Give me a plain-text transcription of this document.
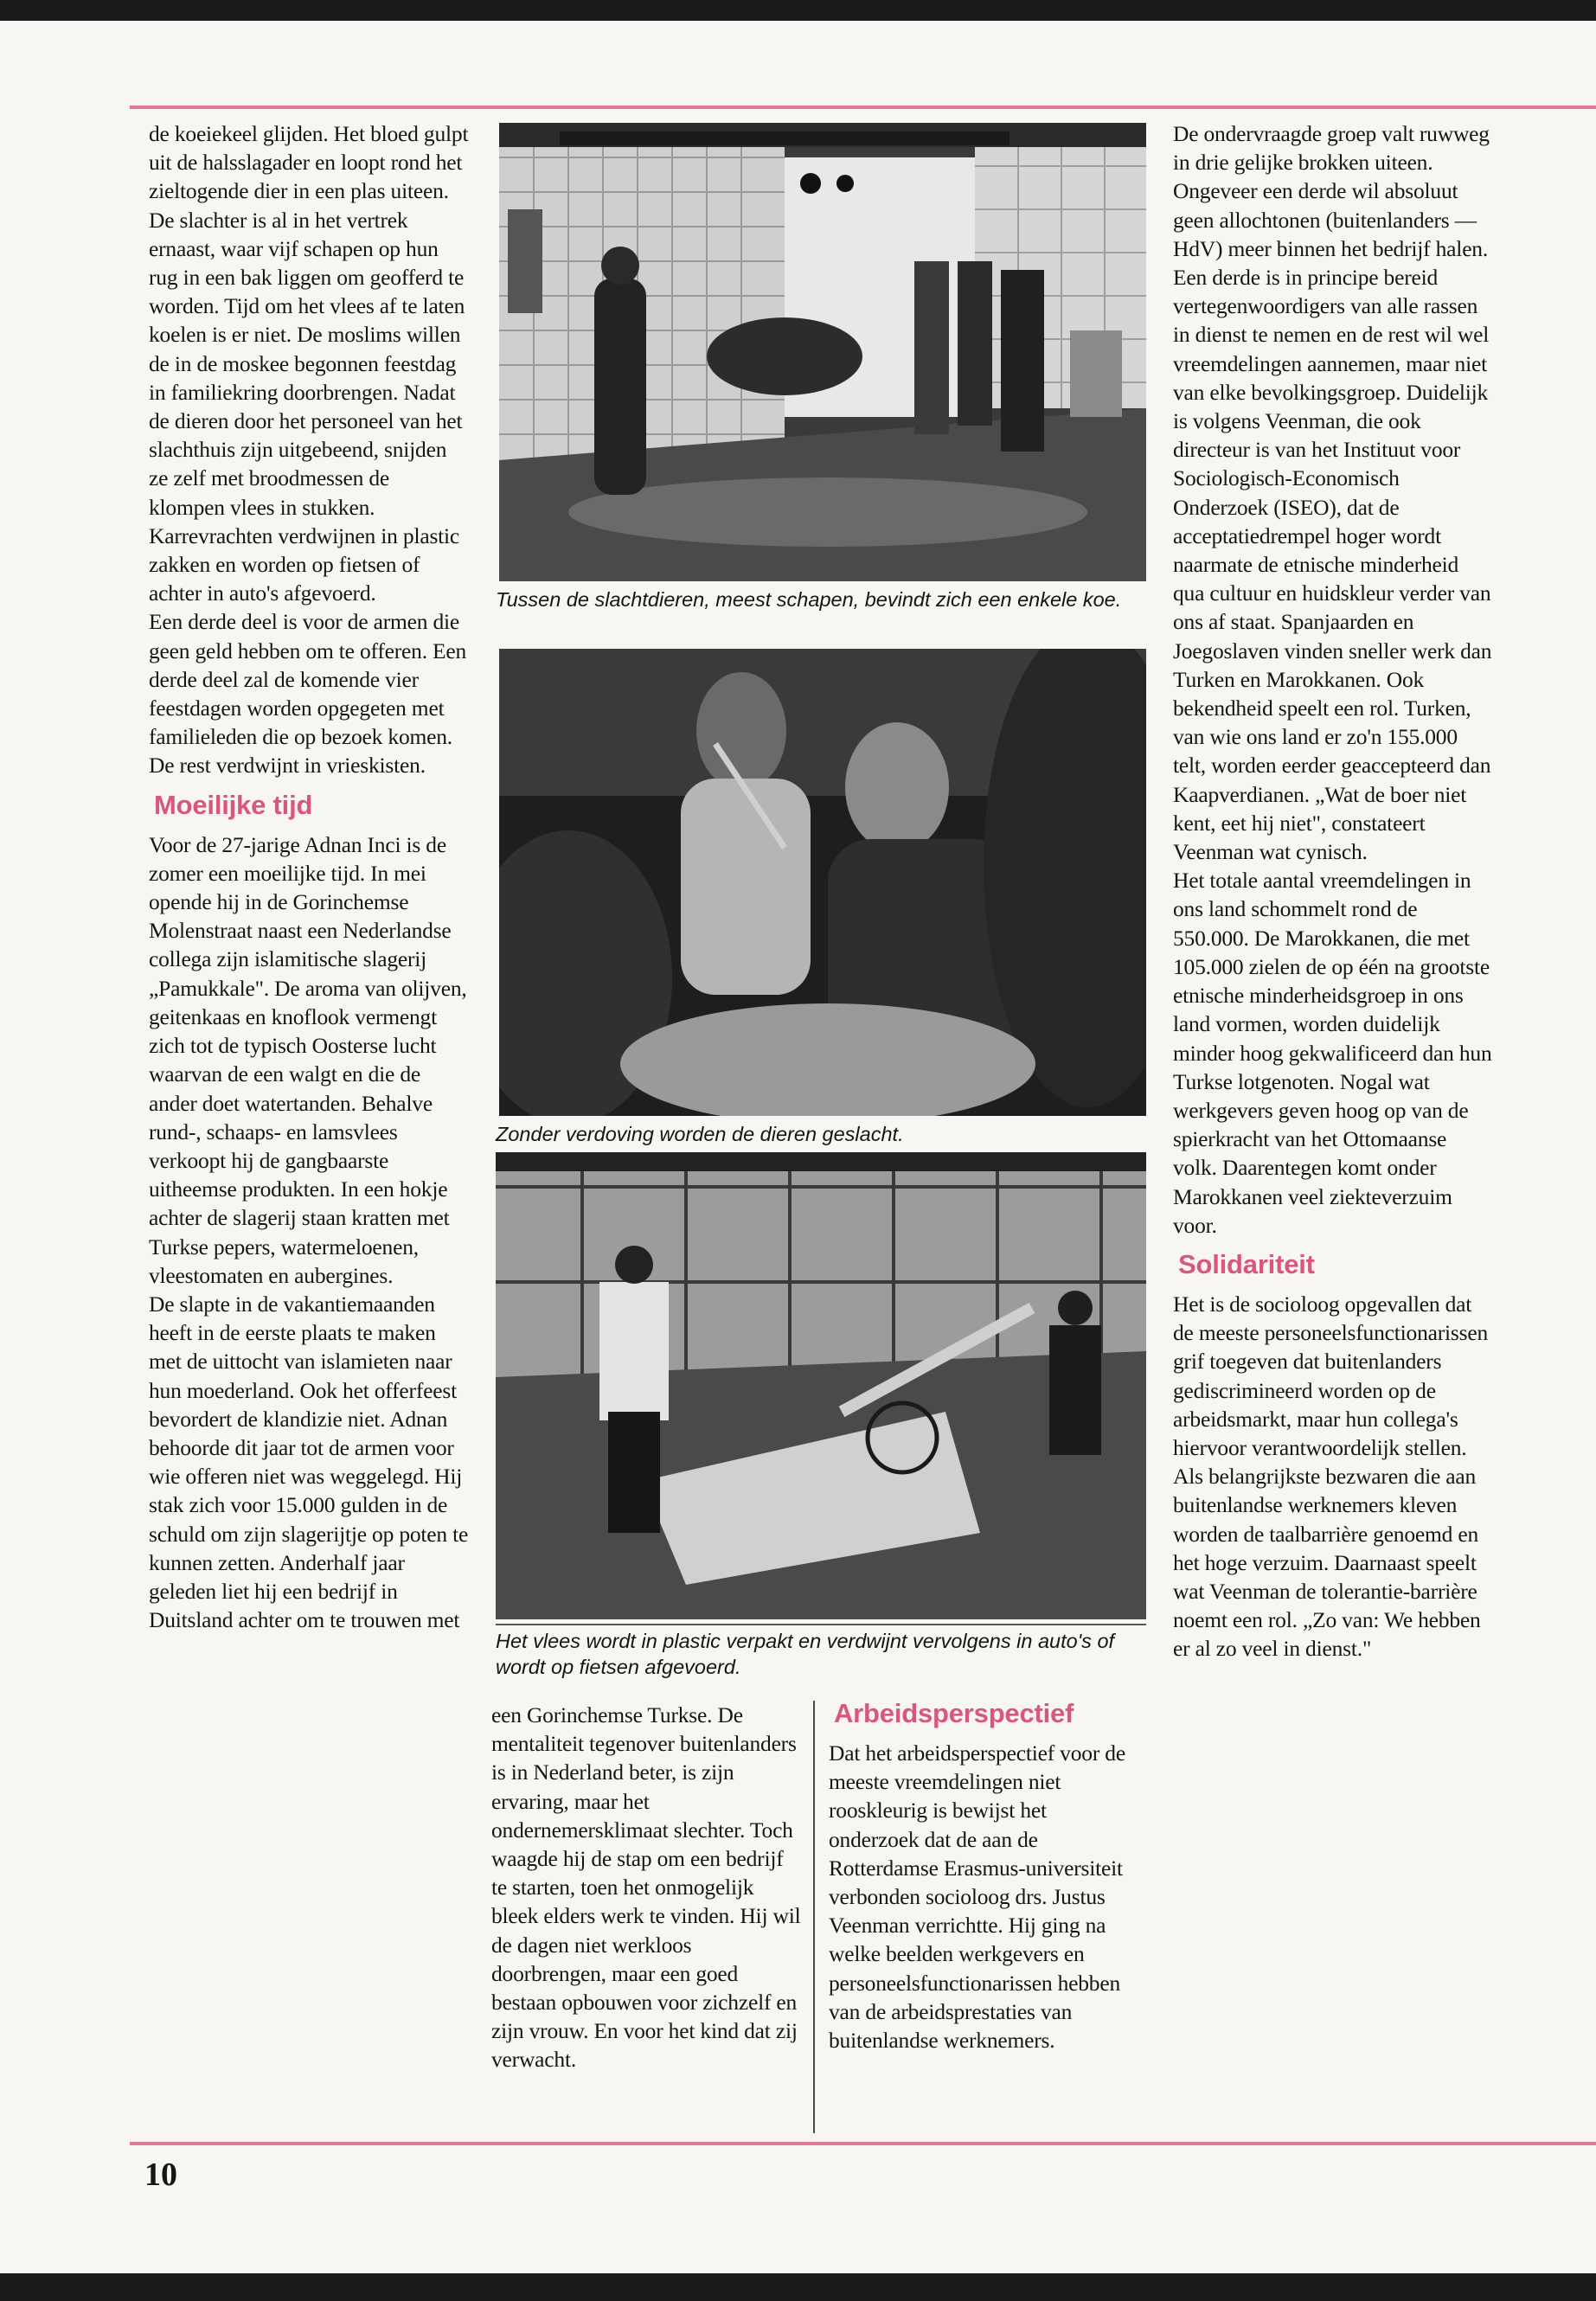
de koeiekeel glijden. Het bloed gulpt uit de halsslagader en loopt rond het zieltogende dier in een plas uiteen.

De slachter is al in het vertrek ernaast, waar vijf schapen op hun rug in een bak liggen om geofferd te worden. Tijd om het vlees af te laten koelen is er niet. De moslims willen de in de moskee begonnen feestdag in familiekring doorbrengen. Nadat de dieren door het personeel van het slachthuis zijn uitgebeend, snijden ze zelf met broodmessen de klompen vlees in stukken. Karrevrachten verdwijnen in plastic zakken en worden op fietsen of achter in auto's afgevoerd.

Een derde deel is voor de armen die geen geld hebben om te offeren. Een derde deel zal de komende vier feestdagen worden opgegeten met familieleden die op bezoek komen. De rest verdwijnt in vrieskisten.

Moeilijke tijd

Voor de 27-jarige Adnan Inci is de zomer een moeilijke tijd. In mei opende hij in de Gorinchemse Molenstraat naast een Nederlandse collega zijn islamitische slagerij „Pamukkale". De aroma van olijven, geitenkaas en knoflook vermengt zich tot de typisch Oosterse lucht waarvan de een walgt en die de ander doet watertanden. Behalve rund-, schaaps- en lamsvlees verkoopt hij de gangbaarste uitheemse produkten. In een hokje achter de slagerij staan kratten met Turkse pepers, watermeloenen, vleestomaten en aubergines.

De slapte in de vakantiemaanden heeft in de eerste plaats te maken met de uittocht van islamieten naar hun moederland. Ook het offerfeest bevordert de klandizie niet. Adnan behoorde dit jaar tot de armen voor wie offeren niet was weggelegd. Hij stak zich voor 15.000 gulden in de schuld om zijn slagerijtje op poten te kunnen zetten. Anderhalf jaar geleden liet hij een bedrijf in Duitsland achter om te trouwen met

Tussen de slachtdieren, meest schapen, bevindt zich een enkele koe.
Zonder verdoving worden de dieren geslacht.
Het vlees wordt in plastic verpakt en verdwijnt vervolgens in auto's of wordt op fietsen afgevoerd.

een Gorinchemse Turkse. De mentaliteit tegenover buitenlanders is in Nederland beter, is zijn ervaring, maar het ondernemersklimaat slechter. Toch waagde hij de stap om een bedrijf te starten, toen het onmogelijk bleek elders werk te vinden. Hij wil de dagen niet werkloos doorbrengen, maar een goed bestaan opbouwen voor zichzelf en zijn vrouw. En voor het kind dat zij verwacht.

Arbeidsperspectief

Dat het arbeidsperspectief voor de meeste vreemdelingen niet rooskleurig is bewijst het onderzoek dat de aan de Rotterdamse Erasmus-universiteit verbonden socioloog drs. Justus Veenman verrichtte. Hij ging na welke beelden werkgevers en personeelsfunctionarissen hebben van de arbeidsprestaties van buitenlandse werknemers.

De ondervraagde groep valt ruwweg in drie gelijke brokken uiteen. Ongeveer een derde wil absoluut geen allochtonen (buitenlanders — HdV) meer binnen het bedrijf halen. Een derde is in principe bereid vertegenwoordigers van alle rassen in dienst te nemen en de rest wil wel vreemdelingen aannemen, maar niet van elke bevolkingsgroep. Duidelijk is volgens Veenman, die ook directeur is van het Instituut voor Sociologisch-Economisch Onderzoek (ISEO), dat de acceptatiedrempel hoger wordt naarmate de etnische minderheid qua cultuur en huidskleur verder van ons af staat. Spanjaarden en Joegoslaven vinden sneller werk dan Turken en Marokkanen. Ook bekendheid speelt een rol. Turken, van wie ons land er zo'n 155.000 telt, worden eerder geaccepteerd dan Kaapverdianen. „Wat de boer niet kent, eet hij niet", constateert Veenman wat cynisch.

Het totale aantal vreemdelingen in ons land schommelt rond de 550.000. De Marokkanen, die met 105.000 zielen de op één na grootste etnische minderheidsgroep in ons land vormen, worden duidelijk minder hoog gekwalificeerd dan hun Turkse lotgenoten. Nogal wat werkgevers geven hoog op van de spierkracht van het Ottomaanse volk. Daarentegen komt onder Marokkanen veel ziekteverzuim voor.

Solidariteit

Het is de socioloog opgevallen dat de meeste personeelsfunctionarissen grif toegeven dat buitenlanders gediscrimineerd worden op de arbeidsmarkt, maar hun collega's hiervoor verantwoordelijk stellen. Als belangrijkste bezwaren die aan buitenlandse werknemers kleven worden de taalbarrière genoemd en het hoge verzuim. Daarnaast speelt wat Veenman de tolerantie-barrière noemt een rol. „Zo van: We hebben er al zo veel in dienst."

10
